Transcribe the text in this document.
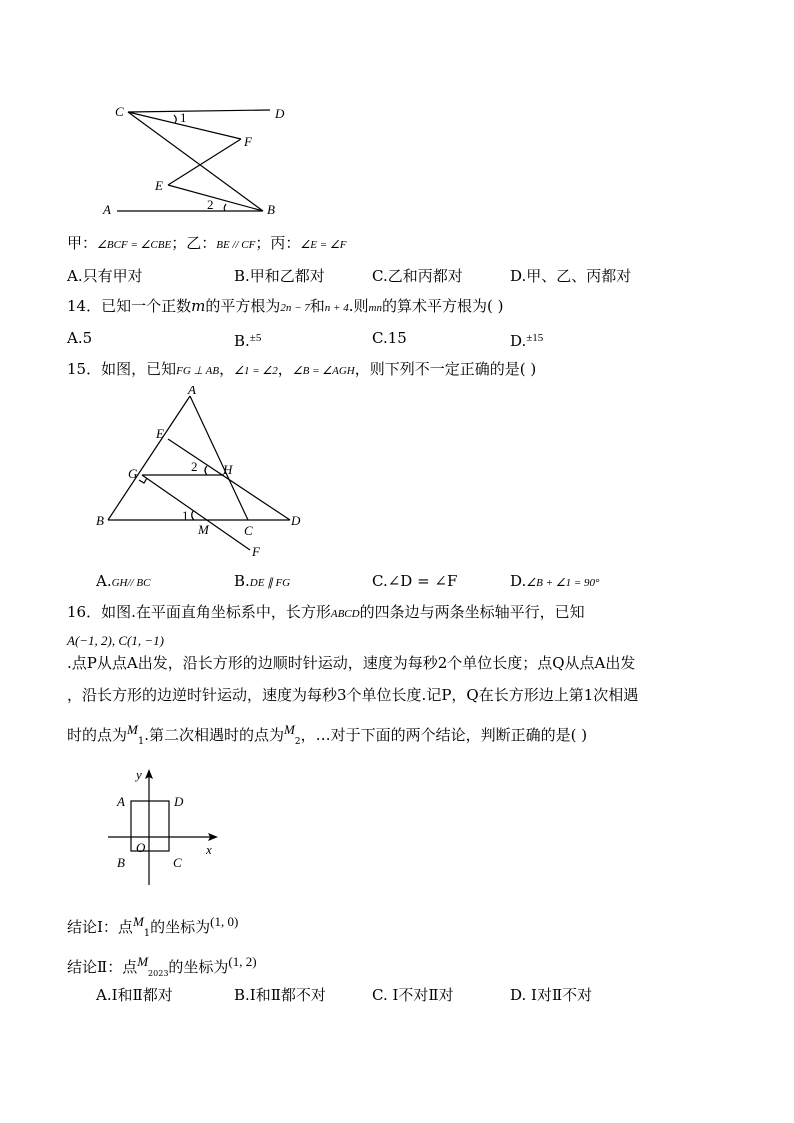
C	D
F
E
A	B
1
2
甲：∠BCF = ∠CBE；乙：BE // CF；丙：∠E = ∠F
A.只有甲对	B.甲和乙都对	C.乙和丙都对	D.甲、乙、丙都对
14．已知一个正数m的平方根为2n − 7和n + 4.则mn的算术平方根为( )
A.5	B.$^{\pm 5}$	C.15	D.$^{\pm 15}$
15．如图，已知FG ⊥ AB，∠1 = ∠2，∠B = ∠AGH，则下列不一定正确的是( )
A
E
G	H
B
C
D
M
F
2
1
A.GH// BC	B.DE ∥ FG	C.∠D = ∠F	D.∠B + ∠1 = 90°
16．如图.在平面直角坐标系中，长方形ABCD的四条边与两条坐标轴平行，已知
A(−1, 2), C(1, −1)
.点P从点A出发，沿长方形的边顺时针运动，速度为每秒2个单位长度；点Q从点A出发
，沿长方形的边逆时针运动，速度为每秒3个单位长度.记P，Q在长方形边上第1次相遇
时的点为$M_1$.第二次相遇时的点为$M_2$，…对于下面的两个结论，判断正确的是( )
y
x
A	D
B	C
O
结论Ⅰ：点$M_1$的坐标为(1, 0)
结论Ⅱ：点$M_{2023}$的坐标为(1, 2)
A.Ⅰ和Ⅱ都对	B.Ⅰ和Ⅱ都不对	C. Ⅰ不对Ⅱ对	D. Ⅰ对Ⅱ不对
